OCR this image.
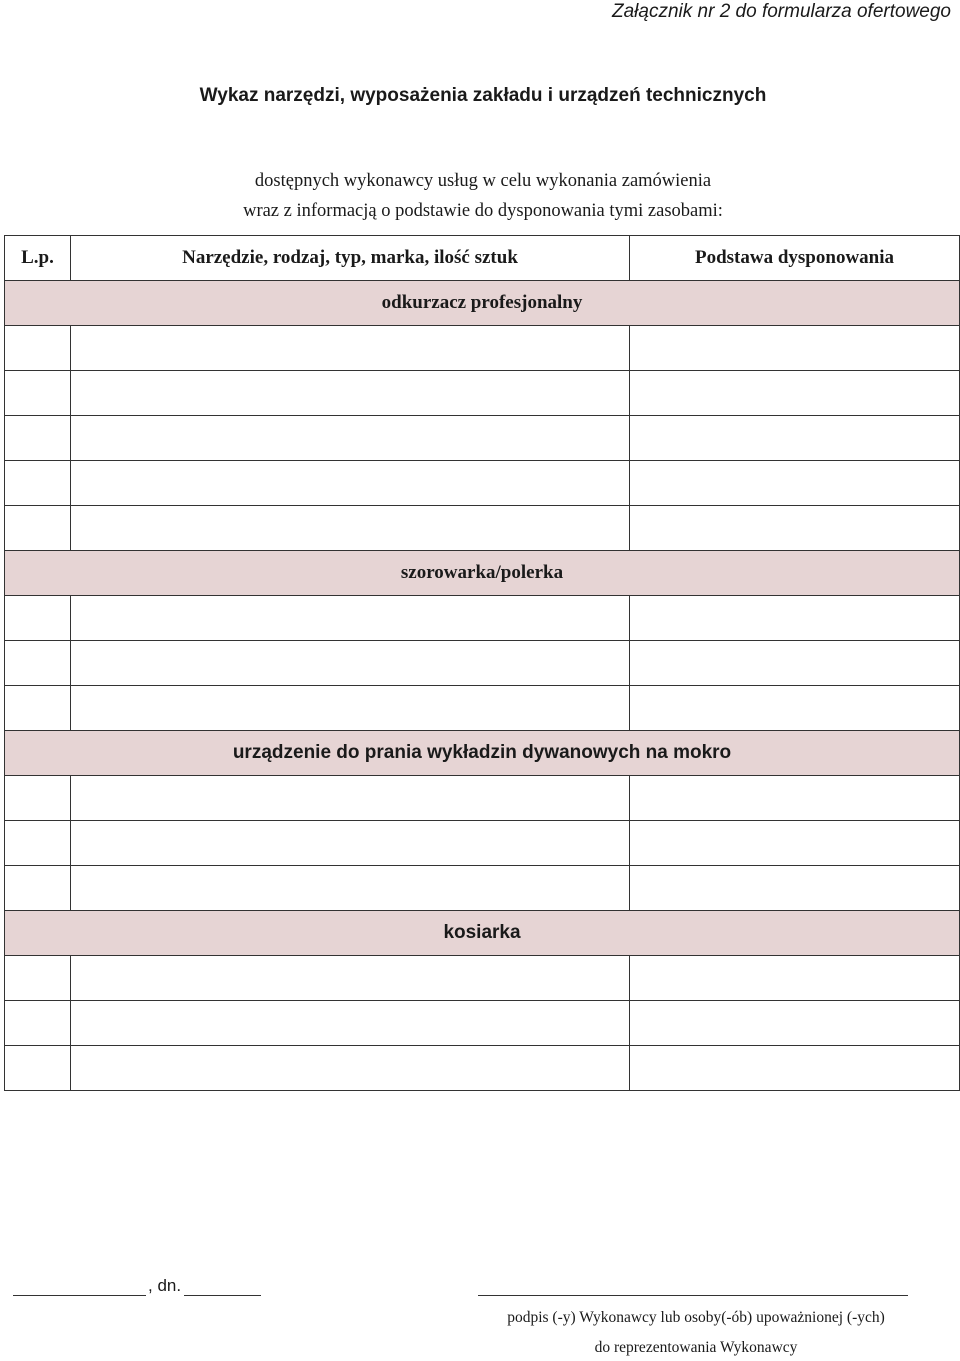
Załącznik nr 2 do formularza ofertowego
Wykaz narzędzi, wyposażenia zakładu i urządzeń technicznych
dostępnych wykonawcy usług w celu wykonania zamówienia
wraz z informacją o podstawie do dysponowania tymi zasobami:
L.p.	Narzędzie, rodzaj, typ, marka, ilość sztuk	Podstawa dysponowania
odkurzacz profesjonalny		

szorowarka/polerka		

urządzenie do prania wykładzin dywanowych na mokro		

kosiarka		

, dn.
podpis (-y) Wykonawcy lub osoby(-ób) upoważnionej (-ych)
do reprezentowania Wykonawcy
